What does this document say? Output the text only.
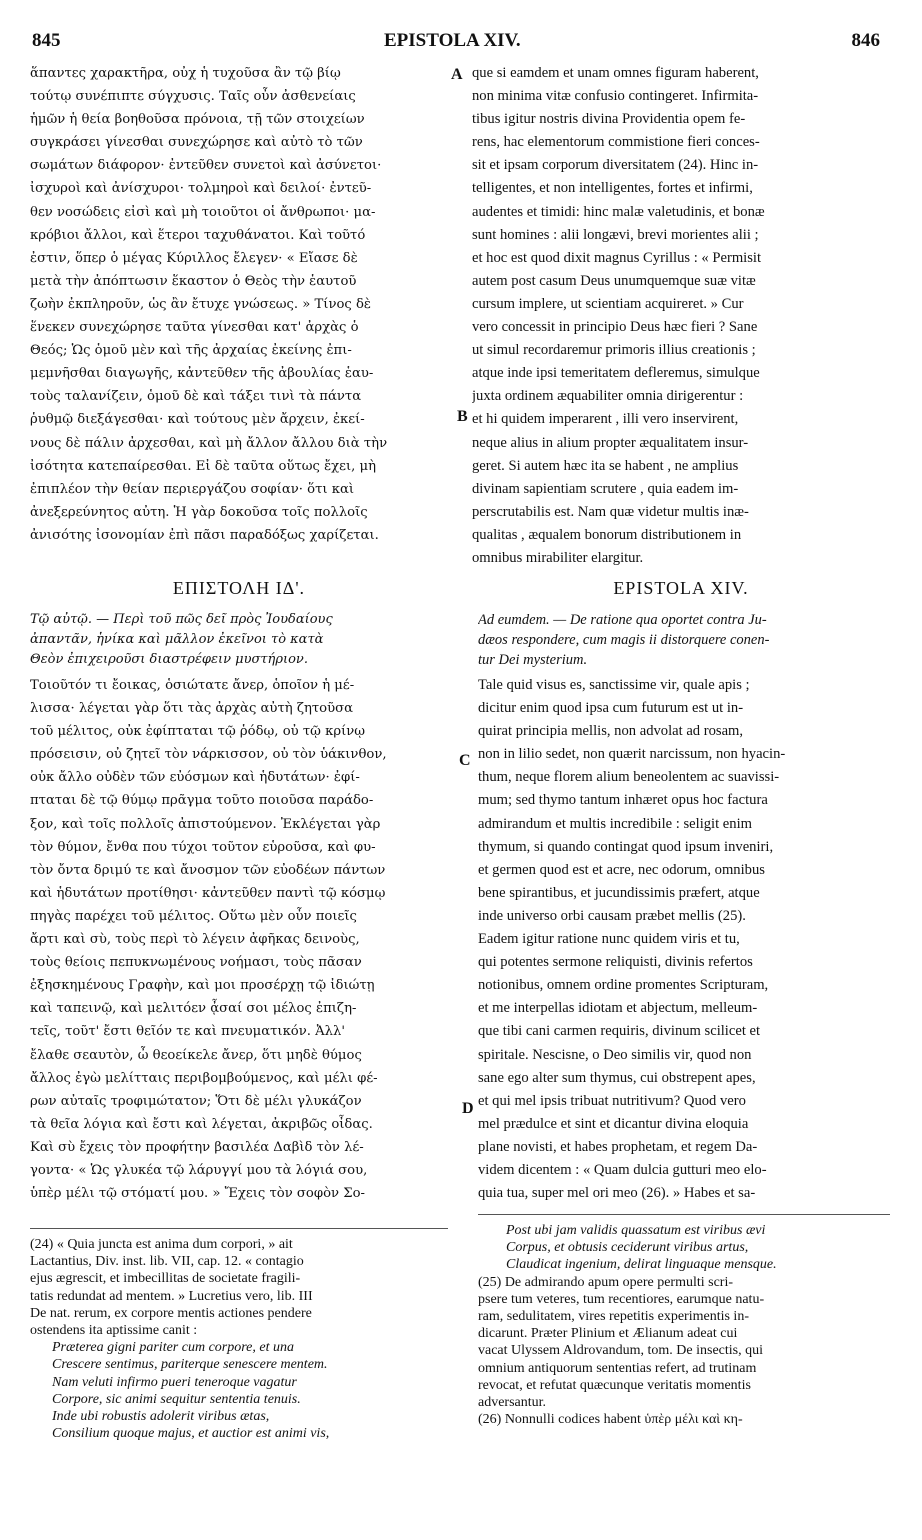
845	EPISTOLA XIV.	846
ἅπαντες χαρακτῆρα, οὐχ ἡ τυχοῦσα ἂν τῷ βίῳ
τούτῳ συνέπιπτε σύγχυσις. Ταῖς οὖν ἀσθενείαις
ἡμῶν ἡ θεία βοηθοῦσα πρόνοια, τῇ τῶν στοιχείων
συγκράσει γίνεσθαι συνεχώρησε καὶ αὐτὸ τὸ τῶν
σωμάτων διάφορον· ἐντεῦθεν συνετοὶ καὶ ἀσύνετοι·
ἰσχυροὶ καὶ ἀνίσχυροι· τολμηροὶ καὶ δειλοί· ἐντεῦ-
θεν νοσώδεις εἰσὶ καὶ μὴ τοιοῦτοι οἱ ἄνθρωποι· μα-
κρόβιοι ἄλλοι, καὶ ἕτεροι ταχυθάνατοι. Καὶ τοῦτό
ἐστιν, ὅπερ ὁ μέγας Κύριλλος ἔλεγεν· « Εἴασε δὲ
μετὰ τὴν ἀπόπτωσιν ἕκαστον ὁ Θεὸς τὴν ἑαυτοῦ
ζωὴν ἐκπληροῦν, ὡς ἂν ἔτυχε γνώσεως. » Τίνος δὲ
ἕνεκεν συνεχώρησε ταῦτα γίνεσθαι κατ' ἀρχὰς ὁ
Θεός; Ὡς ὁμοῦ μὲν καὶ τῆς ἀρχαίας ἐκείνης ἐπι-
μεμνῆσθαι διαγωγῆς, κἀντεῦθεν τῆς ἀβουλίας ἑαυ-
τοὺς ταλανίζειν, ὁμοῦ δὲ καὶ τάξει τινὶ τὰ πάντα
ῥυθμῷ διεξάγεσθαι· καὶ τούτους μὲν ἄρχειν, ἐκεί-
νους δὲ πάλιν ἀρχεσθαι, καὶ μὴ ἄλλον ἄλλου διὰ τὴν
ἰσότητα κατεπαίρεσθαι. Εἰ δὲ ταῦτα οὕτως ἔχει, μὴ
ἐπιπλέον τὴν θείαν περιεργάζου σοφίαν· ὅτι καὶ
ἀνεξερεύνητος αὐτη. Ἡ γὰρ δοκοῦσα τοῖς πολλοῖς
ἀνισότης ἰσονομίαν ἐπὶ πᾶσι παραδόξως χαρίζεται.
que si eamdem et unam omnes figuram haberent,
non minima vitæ confusio contingeret. Infirmita-
tibus igitur nostris divina Providentia opem fe-
rens, hac elementorum commistione fieri conces-
sit et ipsam corporum diversitatem (24). Hinc in-
telligentes, et non intelligentes, fortes et infirmi,
audentes et timidi: hinc malæ valetudinis, et bonæ
sunt homines : alii longævi, brevi morientes alii ;
et hoc est quod dixit magnus Cyrillus : « Permisit
autem post casum Deus unumquemque suæ vitæ
cursum implere, ut scientiam acquireret. » Cur
vero concessit in principio Deus hæc fieri ? Sane
ut simul recordaremur primoris illius creationis ;
atque inde ipsi temeritatem defleremus, simulque
juxta ordinem æquabiliter omnia dirigerentur :
et hi quidem imperarent , illi vero inservirent,
neque alius in alium propter æqualitatem insur-
geret. Si autem hæc ita se habent , ne amplius
divinam sapientiam scrutere , quia eadem im-
perscrutabilis est. Nam quæ videtur multis inæ-
qualitas , æqualem bonorum distributionem in
omnibus mirabiliter elargitur.
A
B
C
D
ΕΠΙΣΤΟΛΗ ΙΔ'.	EPISTOLA XIV.
Τῷ αὐτῷ. — Περὶ τοῦ πῶς δεῖ πρὸς Ἰουδαίους
ἀπαντᾶν, ἡνίκα καὶ μᾶλλον ἐκεῖνοι τὸ κατὰ
Θεὸν ἐπιχειροῦσι διαστρέφειν μυστήριον.
Ad eumdem. — De ratione qua oportet contra Ju-
dæos respondere, cum magis ii distorquere conen-
tur Dei mysterium.
Τοιοῦτόν τι ἔοικας, ὁσιώτατε ἄνερ, ὁποῖον ἡ μέ-
λισσα· λέγεται γὰρ ὅτι τὰς ἀρχὰς αὐτὴ ζητοῦσα
τοῦ μέλιτος, οὐκ ἐφίπταται τῷ ῥόδῳ, οὐ τῷ κρίνῳ
πρόσεισιν, οὐ ζητεῖ τὸν νάρκισσον, οὐ τὸν ὑάκινθον,
οὐκ ἄλλο οὐδὲν τῶν εὐόσμων καὶ ἡδυτάτων· ἐφί-
πταται δὲ τῷ θύμῳ πρᾶγμα τοῦτο ποιοῦσα παράδο-
ξον, καὶ τοῖς πολλοῖς ἀπιστούμενον. Ἐκλέγεται γὰρ
τὸν θύμον, ἔνθα που τύχοι τοῦτον εὑροῦσα, καὶ φυ-
τὸν ὄντα δριμύ τε καὶ ἄνοσμον τῶν εὐοδέων πάντων
καὶ ἡδυτάτων προτίθησι· κἀντεῦθεν παντὶ τῷ κόσμῳ
πηγὰς παρέχει τοῦ μέλιτος. Οὕτω μὲν οὖν ποιεῖς
ἄρτι καὶ σὺ, τοὺς περὶ τὸ λέγειν ἀφῆκας δεινοὺς,
τοὺς θείοις πεπυκνωμένους νοήμασι, τοὺς πᾶσαν
ἐξησκημένους Γραφὴν, καὶ μοι προσέρχῃ τῷ ἰδιώτῃ
καὶ ταπεινῷ, καὶ μελιτόεν ᾆσαί σοι μέλος ἐπιζη-
τεῖς, τοῦτ' ἔστι θεῖόν τε καὶ πνευματικόν. Ἀλλ'
ἔλαθε σεαυτὸν, ὦ θεοείκελε ἄνερ, ὅτι μηδὲ θύμος
ἄλλος ἐγὼ μελίτταις περιβομβούμενος, καὶ μέλι φέ-
ρων αὐταῖς τροφιμώτατον; Ὅτι δὲ μέλι γλυκάζον
τὰ θεῖα λόγια καὶ ἔστι καὶ λέγεται, ἀκριβῶς οἶδας.
Καὶ σὺ ἔχεις τὸν προφήτην βασιλέα Δαβὶδ τὸν λέ-
γοντα· « Ὡς γλυκέα τῷ λάρυγγί μου τὰ λόγιά σου,
ὑπὲρ μέλι τῷ στόματί μου. » Ἔχεις τὸν σοφὸν Σο-
Tale quid visus es, sanctissime vir, quale apis ;
dicitur enim quod ipsa cum futurum est ut in-
quirat principia mellis, non advolat ad rosam,
non in lilio sedet, non quærit narcissum, non hyacin-
thum, neque florem alium beneolentem ac suavissi-
mum; sed thymo tantum inhæret opus hoc factura
admirandum et multis incredibile : seligit enim
thymum, si quando contingat quod ipsum inveniri,
et germen quod est et acre, nec odorum, omnibus
bene spirantibus, et jucundissimis præfert, atque
inde universo orbi causam præbet mellis (25).
Eadem igitur ratione nunc quidem viris et tu,
qui potentes sermone reliquisti, divinis refertos
notionibus, omnem ordine promentes Scripturam,
et me interpellas idiotam et abjectum, melleum-
que tibi cani carmen requiris, divinum scilicet et
spiritale. Nescisne, o Deo similis vir, quod non
sane ego alter sum thymus, cui obstrepent apes,
et qui mel ipsis tribuat nutritivum? Quod vero
mel prædulce et sint et dicantur divina eloquia
plane novisti, et habes prophetam, et regem Da-
videm dicentem : « Quam dulcia gutturi meo elo-
quia tua, super mel ori meo (26). » Habes et sa-
(24) « Quia juncta est anima dum corpori, » ait
Lactantius, Div. inst. lib. VII, cap. 12. « contagio
ejus ægrescit, et imbecillitas de societate fragili-
tatis redundat ad mentem. » Lucretius vero, lib. III
De nat. rerum, ex corpore mentis actiones pendere
ostendens ita aptissime canit :
Præterea gigni pariter cum corpore, et una
Crescere sentimus, pariterque senescere mentem.
Nam veluti infirmo pueri teneroque vagatur
Corpore, sic animi sequitur sententia tenuis.
Inde ubi robustis adolerit viribus ætas,
Consilium quoque majus, et auctior est animi vis,
Post ubi jam validis quassatum est viribus ævi
Corpus, et obtusis ceciderunt viribus artus,
Claudicat ingenium, delirat linguaque mensque.
(25) De admirando apum opere permulti scri-
psere tum veteres, tum recentiores, earumque natu-
ram, sedulitatem, vires repetitis experimentis in-
dicarunt. Præter Plinium et Ælianum adeat cui
vacat Ulyssem Aldrovandum, tom. De insectis, qui
omnium antiquorum sententias refert, ad trutinam
revocat, et refutat quæcunque veritatis momentis
adversantur.
(26) Nonnulli codices habent ὑπὲρ μέλι καὶ κη-
